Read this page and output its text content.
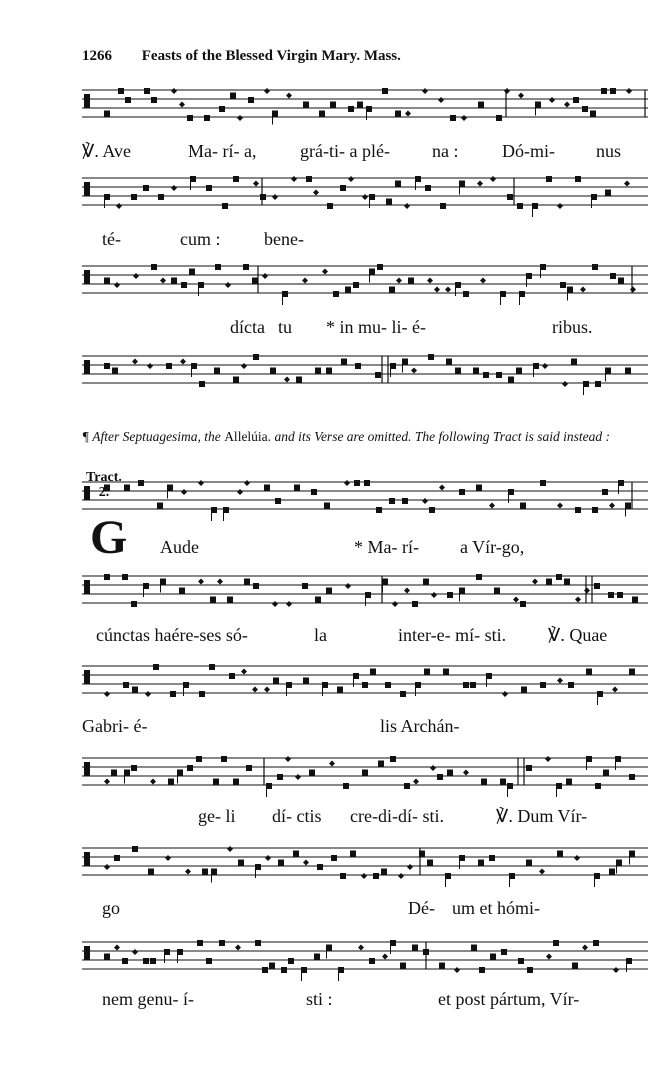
1266 Feasts of the Blessed Virgin Mary. Mass.
℣. Ave	Ma- rí- a, grá-ti- a plé- na : Dó-mi- nus
té-	cum : bene-
dícta tu * in mu- li- é-	ribus.
¶ After Septuagesima, the Allelúia. and its Verse are omitted. The following Tract is said instead :
Tract.
2.
G Aude	* Ma- rí- a Vír-go,
cúnctas haére-ses só-	la	inter-e- mí- sti. ℣. Quae
Gabri- é-	lis Archán-
ge- li dí- ctis cre-di-dí- sti.	℣. Dum Vír-
go	Dé- um et hómi-
nem genu- í-	sti :	et post pártum, Vír-
